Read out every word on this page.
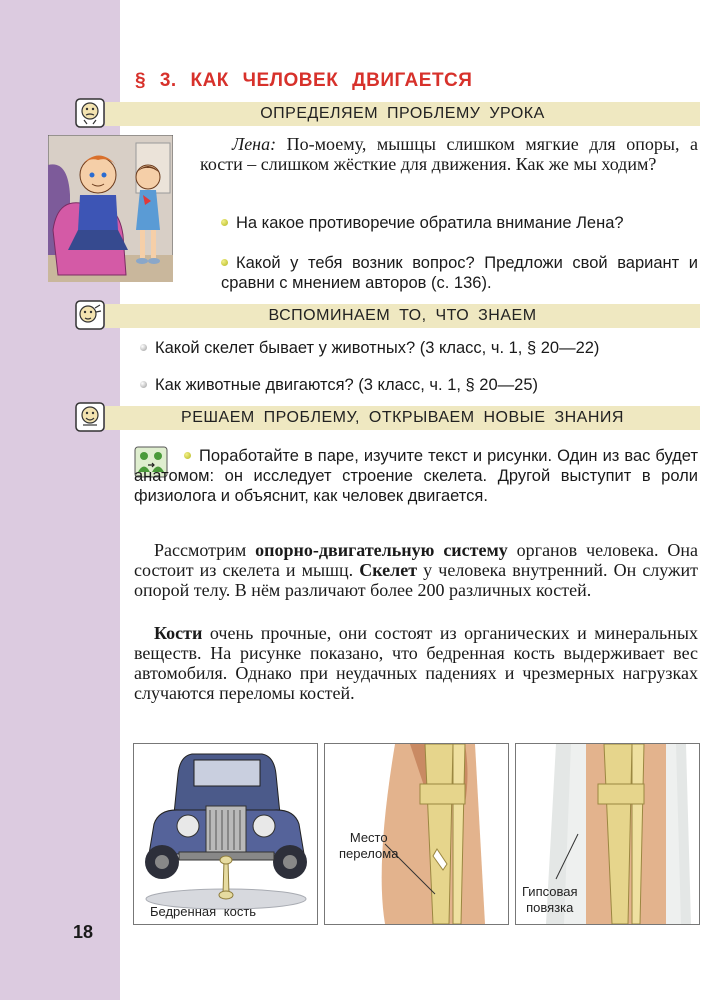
18
§ 3. КАК ЧЕЛОВЕК ДВИГАЕТСЯ
ОПРЕДЕЛЯЕМ ПРОБЛЕМУ УРОКА
Лена: По-моему, мышцы слишком мягкие для опоры, а кости – слишком жёсткие для движения. Как же мы ходим?
На какое противоречие обратила внимание Лена?
Какой у тебя возник вопрос? Предложи свой вариант и сравни с мнением авторов (с. 136).
ВСПОМИНАЕМ ТО, ЧТО ЗНАЕМ
Какой скелет бывает у животных? (3 класс, ч. 1, § 20—22)
Как животные двигаются? (3 класс, ч. 1, § 20—25)
РЕШАЕМ ПРОБЛЕМУ, ОТКРЫВАЕМ НОВЫЕ ЗНАНИЯ
Поработайте в паре, изучите текст и рисунки. Один из вас будет анатомом: он исследует строение скелета. Другой выступит в роли физиолога и объяснит, как человек двигается.
Рассмотрим опорно-двигательную систему органов человека. Она состоит из скелета и мышц. Скелет у человека внутренний. Он служит опорой телу. В нём различают более 200 различных костей.
Кости очень прочные, они состоят из органических и минеральных веществ. На рисунке показано, что бедренная кость выдерживает вес автомобиля. Однако при неудачных падениях и чрезмерных нагрузках случаются переломы костей.
Бедренная кость
Место
перелома
Гипсовая
повязка
